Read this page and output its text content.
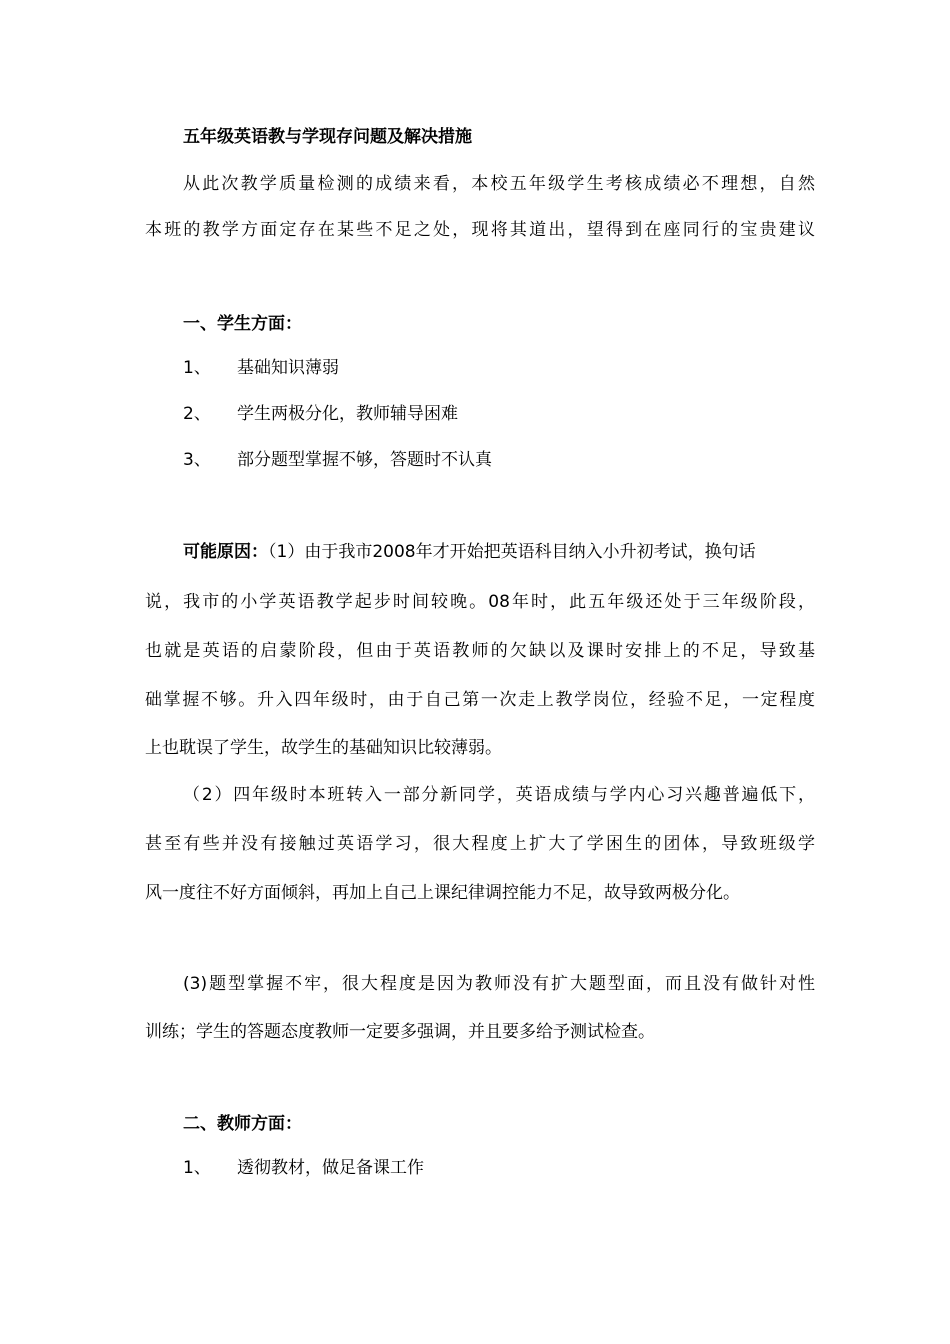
五年级英语教与学现存问题及解决措施
从此次教学质量检测的成绩来看，本校五年级学生考核成绩必不理想，自然
本班的教学方面定存在某些不足之处，现将其道出，望得到在座同行的宝贵建议
一、学生方面：
1、 基础知识薄弱
2、 学生两极分化，教师辅导困难
3、 部分题型掌握不够，答题时不认真
可能原因：（1）由于我市2008年才开始把英语科目纳入小升初考试，换句话
说，我市的小学英语教学起步时间较晚。08年时，此五年级还处于三年级阶段，
也就是英语的启蒙阶段，但由于英语教师的欠缺以及课时安排上的不足，导致基
础掌握不够。升入四年级时，由于自己第一次走上教学岗位，经验不足，一定程度
上也耽误了学生，故学生的基础知识比较薄弱。
（2）四年级时本班转入一部分新同学，英语成绩与学内心习兴趣普遍低下，
甚至有些并没有接触过英语学习，很大程度上扩大了学困生的团体，导致班级学
风一度往不好方面倾斜，再加上自己上课纪律调控能力不足，故导致两极分化。
(3)题型掌握不牢，很大程度是因为教师没有扩大题型面，而且没有做针对性
训练；学生的答题态度教师一定要多强调，并且要多给予测试检查。
二、教师方面：
1、 透彻教材，做足备课工作
